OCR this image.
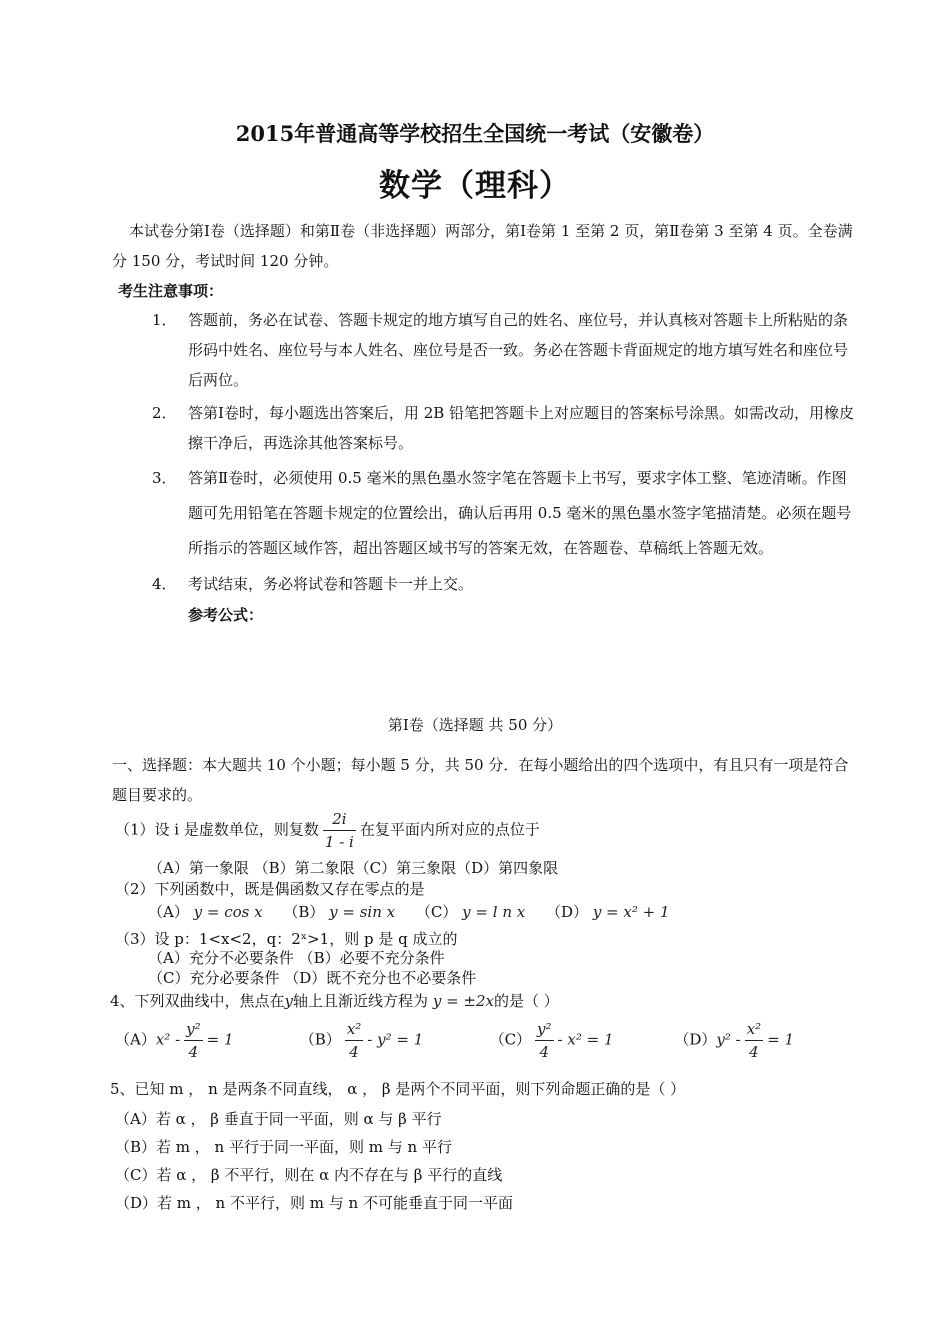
2015年普通高等学校招生全国统一考试（安徽卷）
数学（理科）
本试卷分第Ⅰ卷（选择题）和第Ⅱ卷（非选择题）两部分，第Ⅰ卷第 1 至第 2 页，第Ⅱ卷第 3 至第 4 页。全卷满分 150 分，考试时间 120 分钟。
考生注意事项：
1． 答题前，务必在试卷、答题卡规定的地方填写自己的姓名、座位号，并认真核对答题卡上所粘贴的条形码中姓名、座位号与本人姓名、座位号是否一致。务必在答题卡背面规定的地方填写姓名和座位号后两位。
2． 答第Ⅰ卷时，每小题选出答案后，用 2B 铅笔把答题卡上对应题目的答案标号涂黑。如需改动，用橡皮擦干净后，再选涂其他答案标号。
3． 答第Ⅱ卷时，必须使用 0.5 毫米的黑色墨水签字笔在答题卡上书写，要求字体工整、笔迹清晰。作图题可先用铅笔在答题卡规定的位置绘出，确认后再用 0.5 毫米的黑色墨水签字笔描清楚。必须在题号所指示的答题区域作答，超出答题区域书写的答案无效，在答题卷、草稿纸上答题无效。
4． 考试结束，务必将试卷和答题卡一并上交。
参考公式：
第Ⅰ卷（选择题 共 50 分）
一、选择题：本大题共 10 个小题；每小题 5 分，共 50 分．在每小题给出的四个选项中，有且只有一项是符合题目要求的。
（1）设 i 是虚数单位，则复数 $\frac{2i}{1 - i}$ 在复平面内所对应的点位于
（A）第一象限 （B）第二象限（C）第三象限（D）第四象限
（2）下列函数中，既是偶函数又存在零点的是
（A） y = cos x （B） y = sin x （C） y = l n x （D） y = x² + 1
（3）设 p：1<x<2，q：2ˣ>1，则 p 是 q 成立的
（A）充分不必要条件 （B）必要不充分条件
（C）充分必要条件 （D）既不充分也不必要条件
4、下列双曲线中，焦点在y轴上且渐近线方程为 y = ±2x的是（ ）
$(A)x^2 - \frac{\text{y²}}{4} = 1$	$(B) \frac{\text{x²}}{4} - y^2 = 1$	$(C) \frac{\text{y²}}{4} - x^2 = 1$	$(D)y^2 - \frac{\text{x²}}{4} = 1$
5、已知 m ， n 是两条不同直线， α ， β 是两个不同平面，则下列命题正确的是（ ）
（A）若 α ， β 垂直于同一平面，则 α 与 β 平行
（B）若 m ， n 平行于同一平面，则 m 与 n 平行
（C）若 α ， β 不平行，则在 α 内不存在与 β 平行的直线
（D）若 m ， n 不平行，则 m 与 n 不可能垂直于同一平面
